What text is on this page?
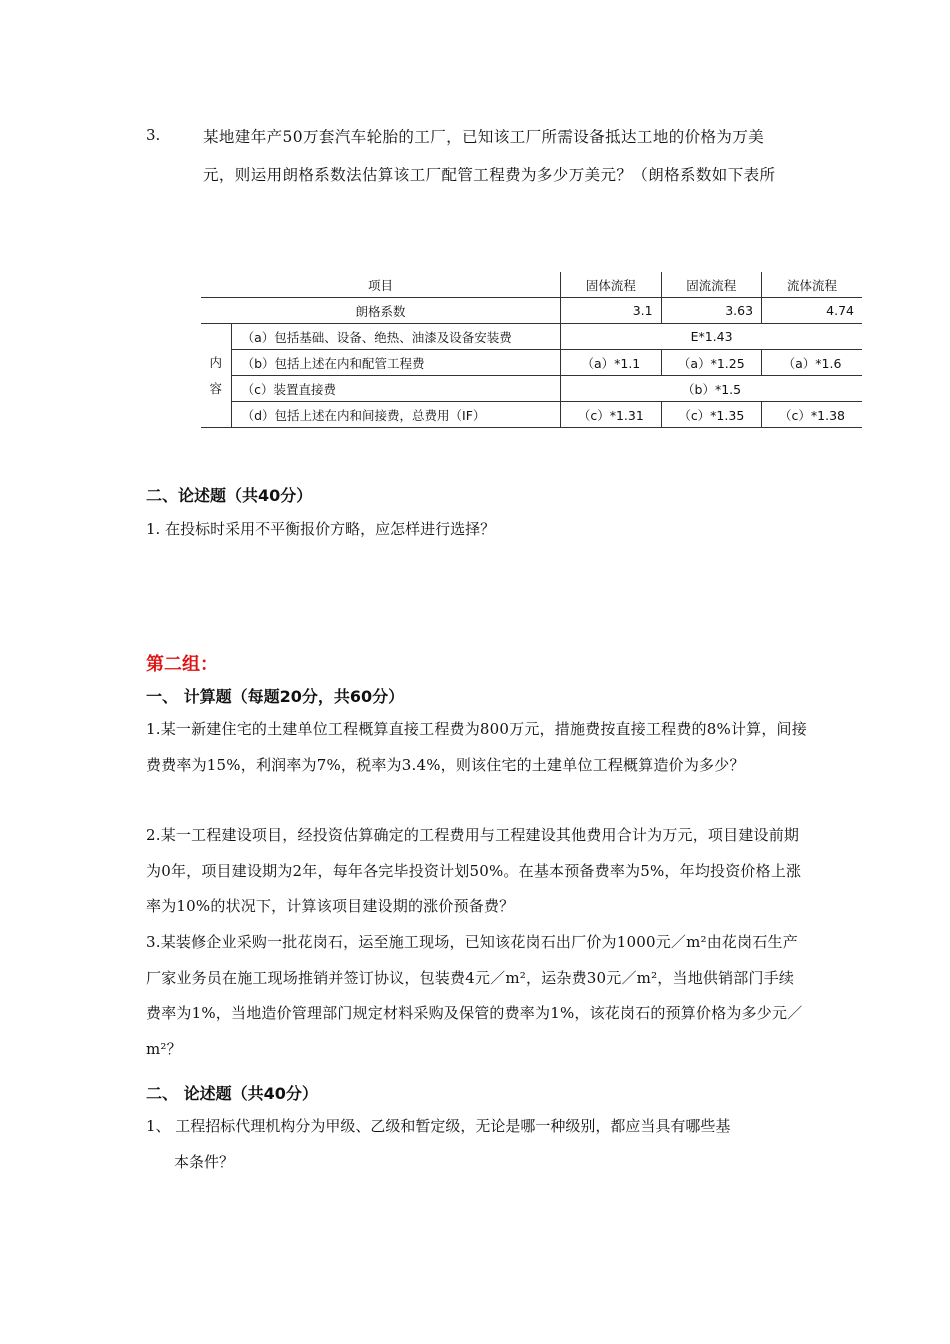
3.	某地建年产50万套汽车轮胎的工厂，已知该工厂所需设备抵达工地的价格为万美
元，则运用朗格系数法估算该工厂配管工程费为多少万美元？（朗格系数如下表所
项目		固体流程	固流流程	流体流程
朗格系数		3.1	3.63	4.74
内
容	（a）包括基础、设备、绝热、油漆及设备安装费	E*1.43		
	（b）包括上述在内和配管工程费	（a）*1.1	（a）*1.25	（a）*1.6
	（c）装置直接费	（b）*1.5		
	（d）包括上述在内和间接费，总费用（IF）	（c）*1.31	（c）*1.35	（c）*1.38
二、论述题（共40分）
1. 在投标时采用不平衡报价方略，应怎样进行选择？
第二组：
一、 计算题（每题20分，共60分）
1.某一新建住宅的土建单位工程概算直接工程费为800万元，措施费按直接工程费的8%计算，间接费费率为15%，利润率为7%，税率为3.4%，则该住宅的土建单位工程概算造价为多少？
2.某一工程建设项目，经投资估算确定的工程费用与工程建设其他费用合计为万元，项目建设前期为0年，项目建设期为2年，每年各完毕投资计划50%。在基本预备费率为5%，年均投资价格上涨率为10%的状况下，计算该项目建设期的涨价预备费？
3.某装修企业采购一批花岗石，运至施工现场，已知该花岗石出厂价为1000元／m²由花岗石生产厂家业务员在施工现场推销并签订协议，包装费4元／m²，运杂费30元／m²，当地供销部门手续费率为1%，当地造价管理部门规定材料采购及保管的费率为1%，该花岗石的预算价格为多少元／m²？
二、 论述题（共40分）
1、 工程招标代理机构分为甲级、乙级和暂定级，无论是哪一种级别，都应当具有哪些基
本条件？
